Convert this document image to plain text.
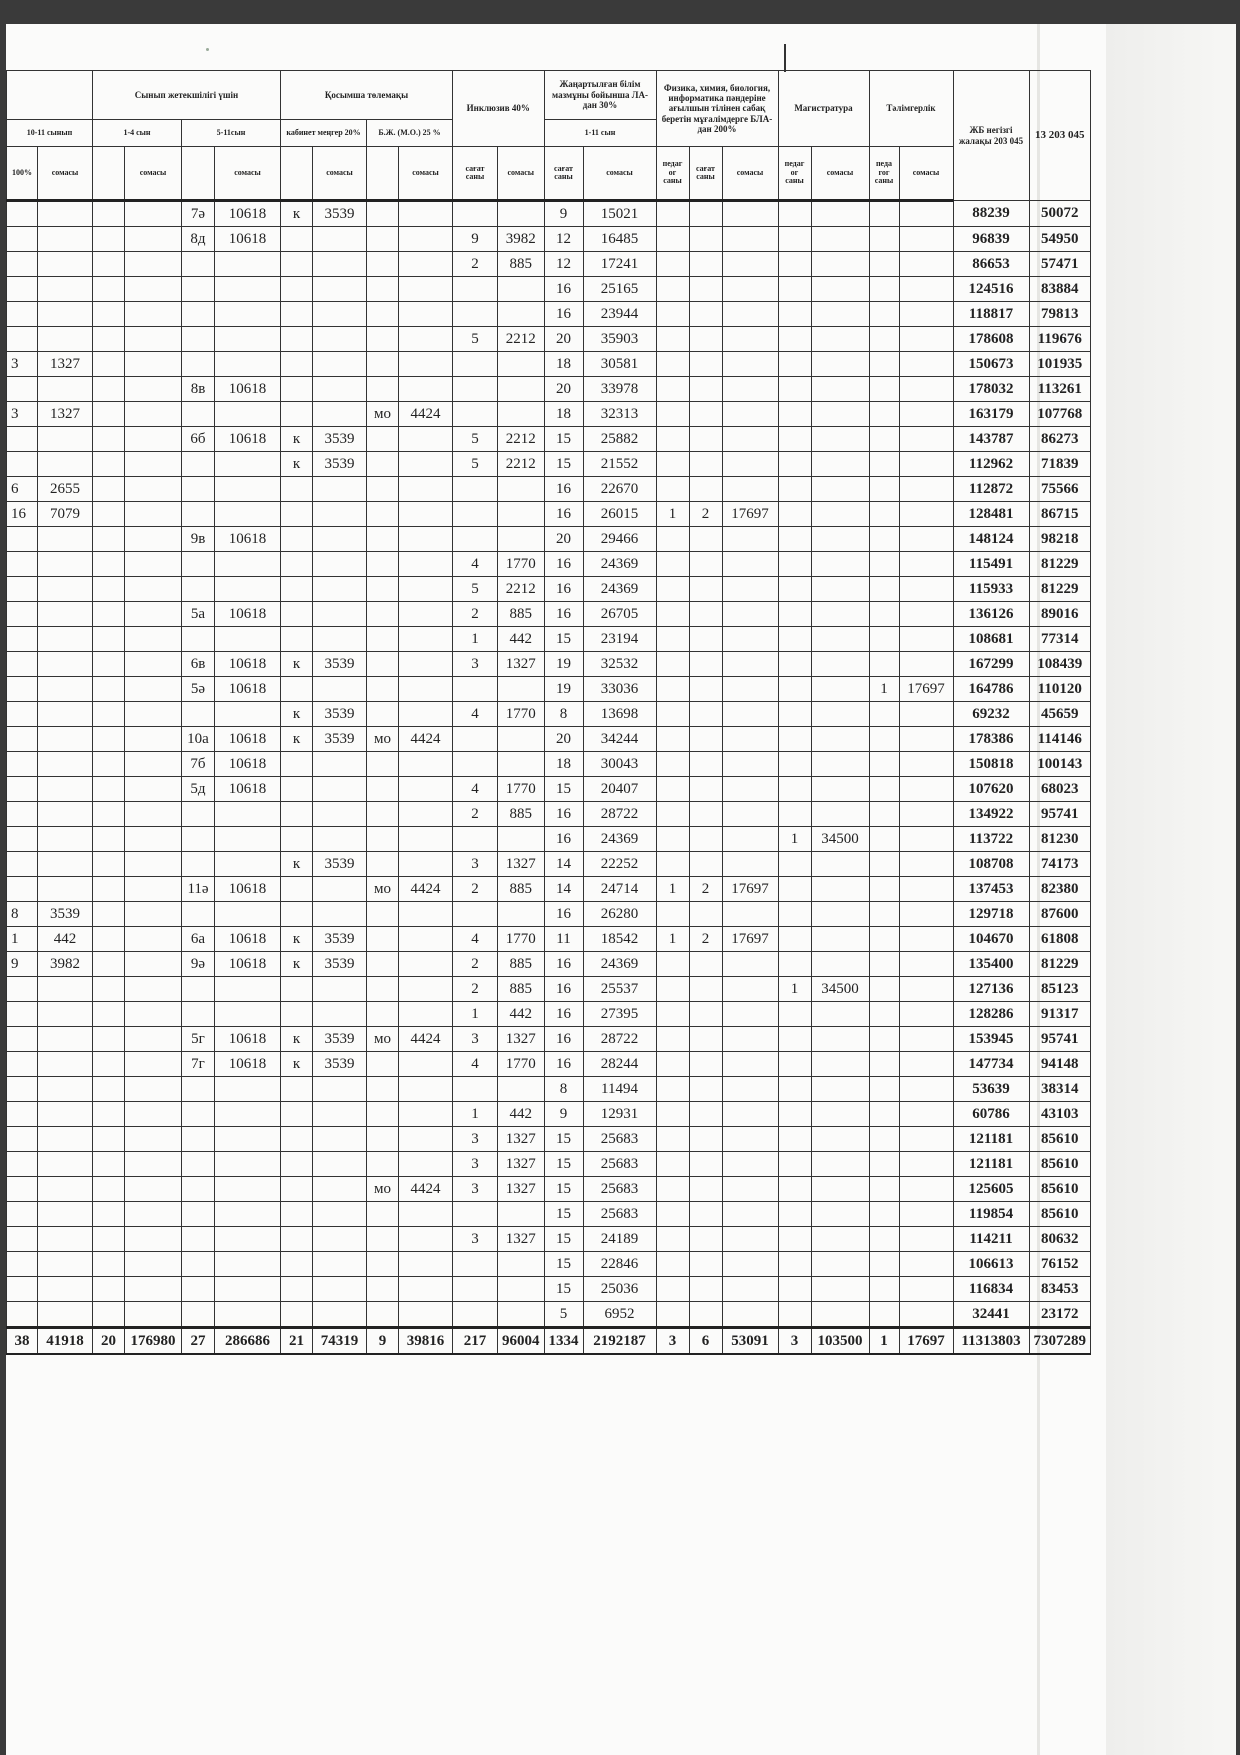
		Сынып жетекшілігі үшін				Қосымша төлемақы				Инклюзив 40%		Жаңартылған білім мазмұны бойынша ЛА-дан 30%		Физика, химия, биология, информатика пәндеріне ағылшын тілінен сабақ беретін мұғалімдерге БЛА-дан 200%			Магистратура		Тәлімгерлік		ЖБ негізгі жалақы 203 045	13 203 045
10-11 сынып		1-4 сын		5-11сын		кабинет меңгер 20%		Б.Ж. (М.О.) 25 %				1-11 сын										
100%	сомасы		сомасы		сомасы		сомасы		сомасы	сағат саны	сомасы	сағат саны	сомасы	педаг ог саны	сағат саны	сомасы	педаг ог саны	сомасы	педа гог саны	сомасы		
				7ә	10618	к	3539					9	15021								88239	50072
				8д	10618					9	3982	12	16485								96839	54950
										2	885	12	17241								86653	57471
												16	25165								124516	83884
												16	23944								118817	79813
										5	2212	20	35903								178608	119676
3	1327											18	30581								150673	101935
				8в	10618							20	33978								178032	113261
3	1327							мо	4424			18	32313								163179	107768
				6б	10618	к	3539			5	2212	15	25882								143787	86273
						к	3539			5	2212	15	21552								112962	71839
6	2655											16	22670								112872	75566
16	7079											16	26015	1	2	17697					128481	86715
				9в	10618							20	29466								148124	98218
										4	1770	16	24369								115491	81229
										5	2212	16	24369								115933	81229
				5а	10618					2	885	16	26705								136126	89016
										1	442	15	23194								108681	77314
				6в	10618	к	3539			3	1327	19	32532								167299	108439
				5ә	10618							19	33036						1	17697	164786	110120
						к	3539			4	1770	8	13698								69232	45659
				10а	10618	к	3539	мо	4424			20	34244								178386	114146
				7б	10618							18	30043								150818	100143
				5д	10618					4	1770	15	20407								107620	68023
										2	885	16	28722								134922	95741
												16	24369				1	34500			113722	81230
						к	3539			3	1327	14	22252								108708	74173
				11ә	10618			мо	4424	2	885	14	24714	1	2	17697					137453	82380
8	3539											16	26280								129718	87600
1	442			6а	10618	к	3539			4	1770	11	18542	1	2	17697					104670	61808
9	3982			9ә	10618	к	3539			2	885	16	24369								135400	81229
										2	885	16	25537				1	34500			127136	85123
										1	442	16	27395								128286	91317
				5г	10618	к	3539	мо	4424	3	1327	16	28722								153945	95741
				7г	10618	к	3539			4	1770	16	28244								147734	94148
												8	11494								53639	38314
										1	442	9	12931								60786	43103
										3	1327	15	25683								121181	85610
										3	1327	15	25683								121181	85610
								мо	4424	3	1327	15	25683								125605	85610
												15	25683								119854	85610
										3	1327	15	24189								114211	80632
												15	22846								106613	76152
												15	25036								116834	83453
												5	6952								32441	23172
38	41918	20	176980	27	286686	21	74319	9	39816	217	96004	1334	2192187	3	6	53091	3	103500	1	17697	11313803	7307289
